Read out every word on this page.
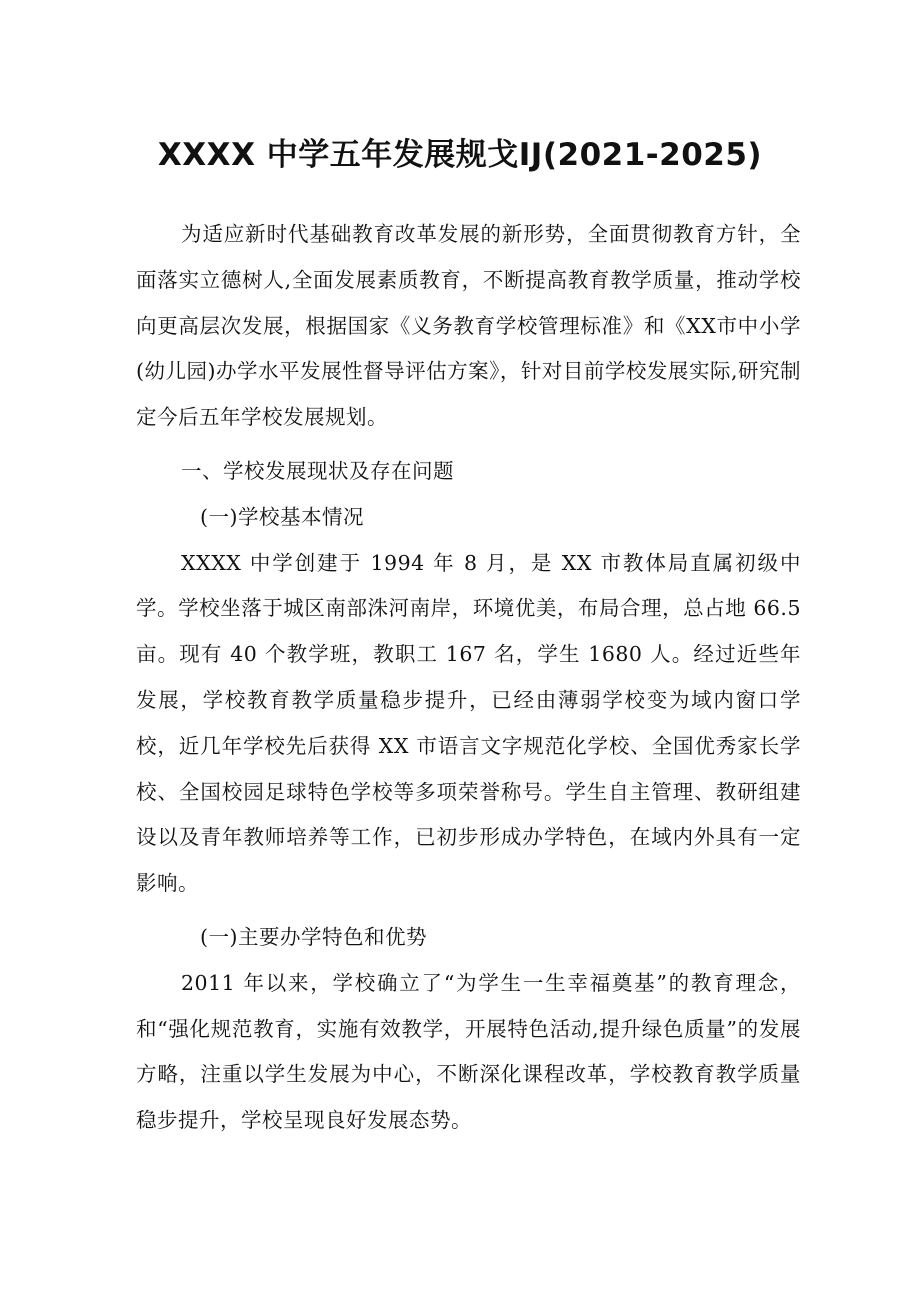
XXXX 中学五年发展规戈IJ(2021-2025)

为适应新时代基础教育改革发展的新形势，全面贯彻教育方针，全面落实立德树人,全面发展素质教育，不断提高教育教学质量，推动学校向更高层次发展，根据国家《义务教育学校管理标准》和《XX市中小学(幼儿园)办学水平发展性督导评估方案》，针对目前学校发展实际,研究制定今后五年学校发展规划。

一、学校发展现状及存在问题

(一)学校基本情况

XXXX 中学创建于 1994 年 8 月，是 XX 市教体局直属初级中学。学校坐落于城区南部洙河南岸，环境优美，布局合理，总占地 66.5 亩。现有 40 个教学班，教职工 167 名，学生 1680 人。经过近些年发展，学校教育教学质量稳步提升，已经由薄弱学校变为域内窗口学校，近几年学校先后获得 XX 市语言文字规范化学校、全国优秀家长学校、全国校园足球特色学校等多项荣誉称号。学生自主管理、教研组建设以及青年教师培养等工作，已初步形成办学特色，在域内外具有一定影响。

(一)主要办学特色和优势

2011 年以来，学校确立了“为学生一生幸福奠基”的教育理念，和“强化规范教育，实施有效教学，开展特色活动,提升绿色质量”的发展方略，注重以学生发展为中心，不断深化课程改革，学校教育教学质量稳步提升，学校呈现良好发展态势。
